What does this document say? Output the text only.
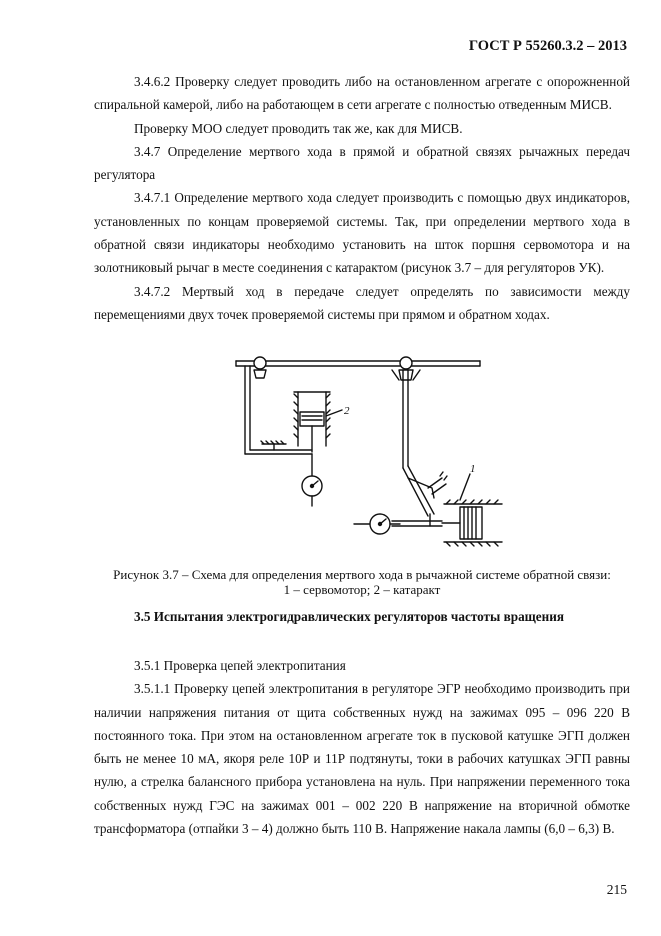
ГОСТ Р 55260.3.2 – 2013

3.4.6.2 Проверку следует проводить либо на остановленном агрегате с опорожненной спиральной камерой, либо на работающем в сети агрегате с полностью отведенным МИСВ.

Проверку МОО следует проводить так же, как для МИСВ.

3.4.7 Определение мертвого хода в прямой и обратной связях рычажных передач регулятора

3.4.7.1 Определение мертвого хода следует производить с помощью двух индикаторов, установленных по концам проверяемой системы. Так, при определении мертвого хода в обратной связи индикаторы необходимо установить на шток поршня сервомотора и на золотниковый рычаг в месте соединения с катарактом (рисунок 3.7 – для регуляторов УК).

3.4.7.2 Мертвый ход в передаче следует определять по зависимости между перемещениями двух точек проверяемой системы при прямом и обратном ходах.

2
1
Рисунок 3.7 – Схема для определения мертвого хода в рычажной системе обратной связи:
1 – сервомотор; 2 – катаракт
3.5 Испытания электрогидравлических регуляторов частоты вращения

3.5.1 Проверка цепей электропитания

3.5.1.1 Проверку цепей электропитания в регуляторе ЭГР необходимо производить при наличии напряжения питания от щита собственных нужд на зажимах 095 – 096 220 В постоянного тока. При этом на остановленном агрегате ток в пусковой катушке ЭГП должен быть не менее 10 мА, якоря реле 10Р и 11Р подтянуты, токи в рабочих катушках ЭГП равны нулю, а стрелка балансного прибора установлена на нуль. При напряжении переменного тока собственных нужд ГЭС на зажимах 001 – 002 220 В напряжение на вторичной обмотке трансформатора (отпайки 3 – 4) должно быть 110 В. Напряжение накала лампы (6,0 – 6,3) В.

215
